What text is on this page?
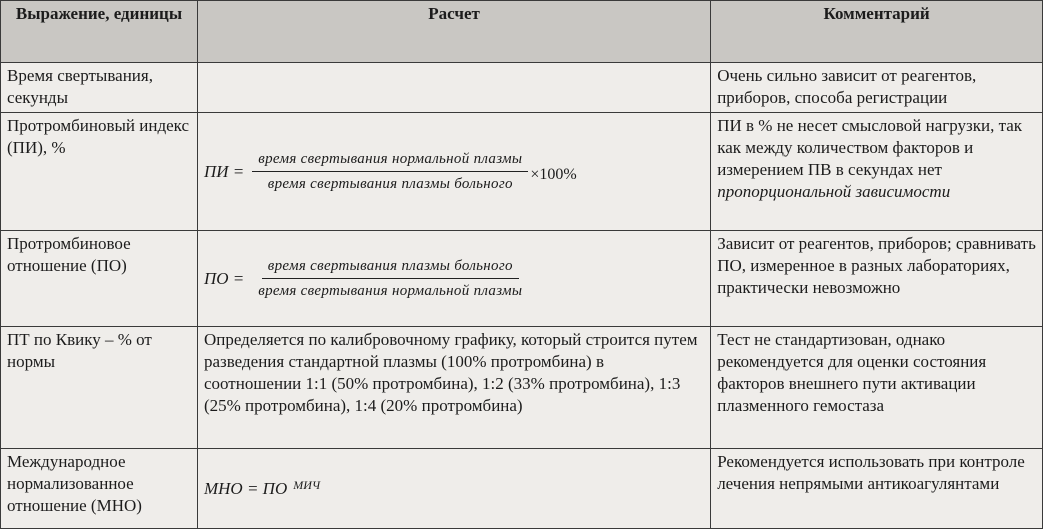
Выражение, единицы	Расчет	Комментарий
Время свертывания, секунды		Очень сильно зависит от реагентов, приборов, способа регистрации
Протромбиновый индекс (ПИ), %	ПИ = $\frac{\text{время свертывания нормальной плазмы}}{\text{время свертывания плазмы больного}} \times 100\%$	ПИ в % не несет смысловой нагрузки, так как между количеством факторов и измерением ПВ в секундах нет пропорциональной зависимости
Протромбиновое отношение (ПО)	ПО = $\frac{\text{время свертывания плазмы больного}}{\text{время свертывания нормальной плазмы}}$	Зависит от реагентов, приборов; сравнивать ПО, измеренное в разных лабораториях, практически невозможно
ПТ по Квику – % от нормы	Определяется по калибровочному графику, который строится путем разведения стандартной плазмы (100% протромбина) в соотношении 1:1 (50% протромбина), 1:2 (33% протромбина), 1:3 (25% протромбина), 1:4 (20% протромбина)	Тест не стандартизован, однако рекомендуется для оценки состояния факторов внешнего пути активации плазменного гемостаза
Международное нормализованное отношение (МНО)	МНО = ПО $^{МИЧ}$	Рекомендуется использовать при контроле лечения непрямыми антикоагулянтами
